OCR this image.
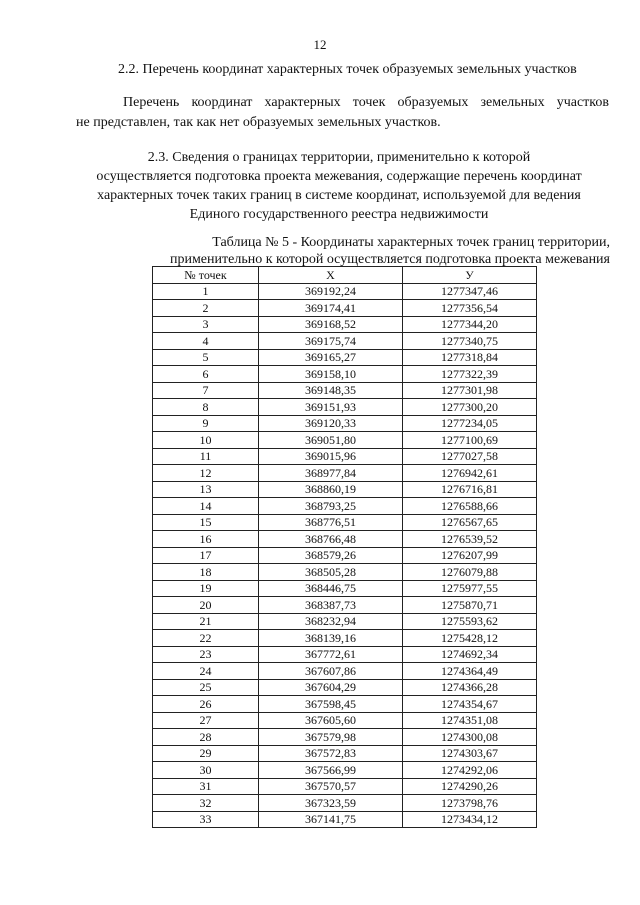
12
2.2. Перечень координат характерных точек образуемых земельных участков
Перечень координат характерных точек образуемых земельных участков
не представлен, так как нет образуемых земельных участков.
2.3. Сведения о границах территории, применительно к которой
осуществляется подготовка проекта межевания, содержащие перечень координат
характерных точек таких границ в системе координат, используемой для ведения
Единого государственного реестра недвижимости
Таблица № 5 - Координаты характерных точек границ территории,
применительно к которой осуществляется подготовка проекта межевания
№ точек	X	У
1	369192,24	1277347,46
2	369174,41	1277356,54
3	369168,52	1277344,20
4	369175,74	1277340,75
5	369165,27	1277318,84
6	369158,10	1277322,39
7	369148,35	1277301,98
8	369151,93	1277300,20
9	369120,33	1277234,05
10	369051,80	1277100,69
11	369015,96	1277027,58
12	368977,84	1276942,61
13	368860,19	1276716,81
14	368793,25	1276588,66
15	368776,51	1276567,65
16	368766,48	1276539,52
17	368579,26	1276207,99
18	368505,28	1276079,88
19	368446,75	1275977,55
20	368387,73	1275870,71
21	368232,94	1275593,62
22	368139,16	1275428,12
23	367772,61	1274692,34
24	367607,86	1274364,49
25	367604,29	1274366,28
26	367598,45	1274354,67
27	367605,60	1274351,08
28	367579,98	1274300,08
29	367572,83	1274303,67
30	367566,99	1274292,06
31	367570,57	1274290,26
32	367323,59	1273798,76
33	367141,75	1273434,12
